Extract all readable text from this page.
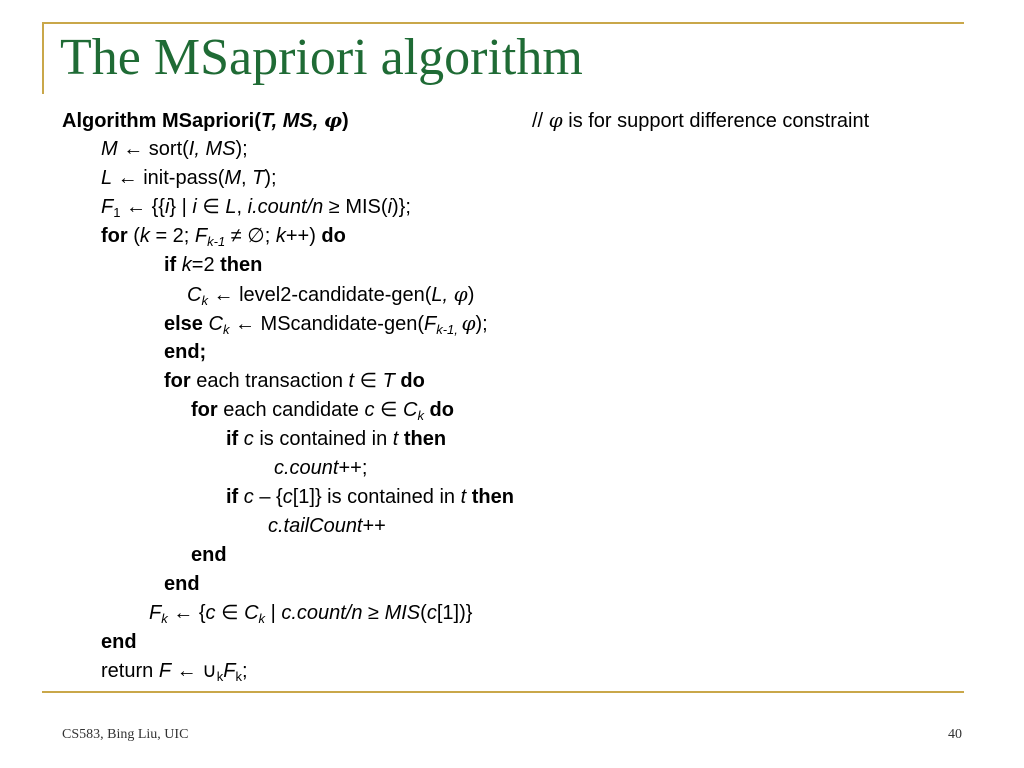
The MSapriori algorithm
Algorithm MSapriori(T, MS, φ)	// φ is for support difference constraint
M ← sort(I, MS);
L ← init-pass(M, T);
$F_1$ ← {{i} | i ∈ L, i.count/n ≥ MIS(i)};
for (k = 2; $F_{k-1}$ ≠ ∅; k++) do
if k=2 then
$C_k$ ← level2-candidate-gen(L, φ)
else $C_k$ ← MScandidate-$gen(F_{k-1,}$ φ);
end;
for each transaction t ∈ T do
for each candidate c ∈ $C_k$ do
if c is contained in t then
c.count++;
if c – {c[1]} is contained in t then
c.tailCount++
end
end
$F_k$ ← {c ∈ $C_k$ | c.count/n ≥ MIS(c[1])}
end
return F ← $\cup_kF_k$;
CS583, Bing Liu, UIC	40
